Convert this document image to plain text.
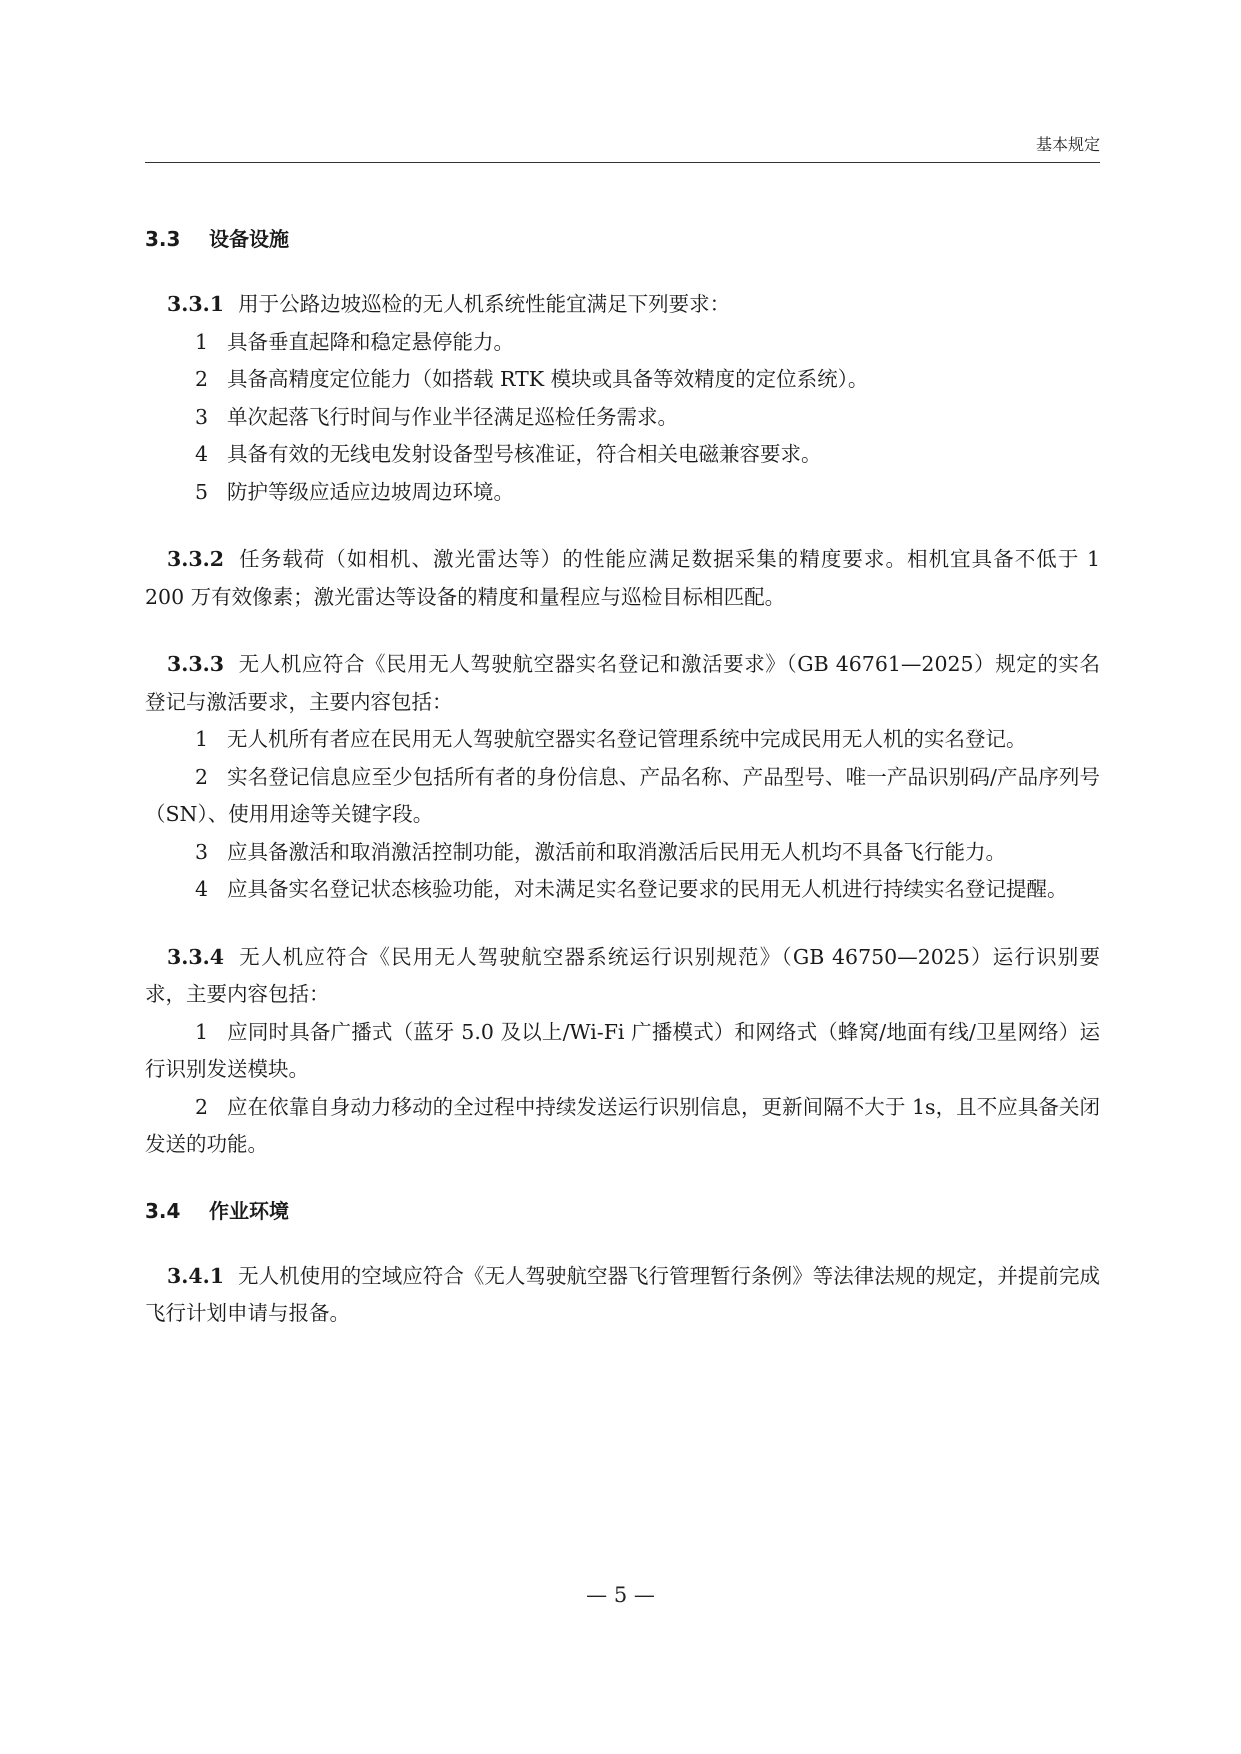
基本规定

3.3 设备设施

3.3.1 用于公路边坡巡检的无人机系统性能宜满足下列要求：

1 具备垂直起降和稳定悬停能力。

2 具备高精度定位能力（如搭载 RTK 模块或具备等效精度的定位系统）。

3 单次起落飞行时间与作业半径满足巡检任务需求。

4 具备有效的无线电发射设备型号核准证，符合相关电磁兼容要求。

5 防护等级应适应边坡周边环境。

3.3.2 任务载荷（如相机、激光雷达等）的性能应满足数据采集的精度要求。相机宜具备不低于 1 200 万有效像素；激光雷达等设备的精度和量程应与巡检目标相匹配。

3.3.3 无人机应符合《民用无人驾驶航空器实名登记和激活要求》（GB 46761—2025）规定的实名登记与激活要求，主要内容包括：

1 无人机所有者应在民用无人驾驶航空器实名登记管理系统中完成民用无人机的实名登记。

2 实名登记信息应至少包括所有者的身份信息、产品名称、产品型号、唯一产品识别码/产品序列号（SN）、使用用途等关键字段。

3 应具备激活和取消激活控制功能，激活前和取消激活后民用无人机均不具备飞行能力。

4 应具备实名登记状态核验功能，对未满足实名登记要求的民用无人机进行持续实名登记提醒。

3.3.4 无人机应符合《民用无人驾驶航空器系统运行识别规范》（GB 46750—2025）运行识别要求，主要内容包括：

1 应同时具备广播式（蓝牙 5.0 及以上/Wi-Fi 广播模式）和网络式（蜂窝/地面有线/卫星网络）运行识别发送模块。

2 应在依靠自身动力移动的全过程中持续发送运行识别信息，更新间隔不大于 1s，且不应具备关闭发送的功能。

3.4 作业环境

3.4.1 无人机使用的空域应符合《无人驾驶航空器飞行管理暂行条例》等法律法规的规定，并提前完成飞行计划申请与报备。

— 5 —
